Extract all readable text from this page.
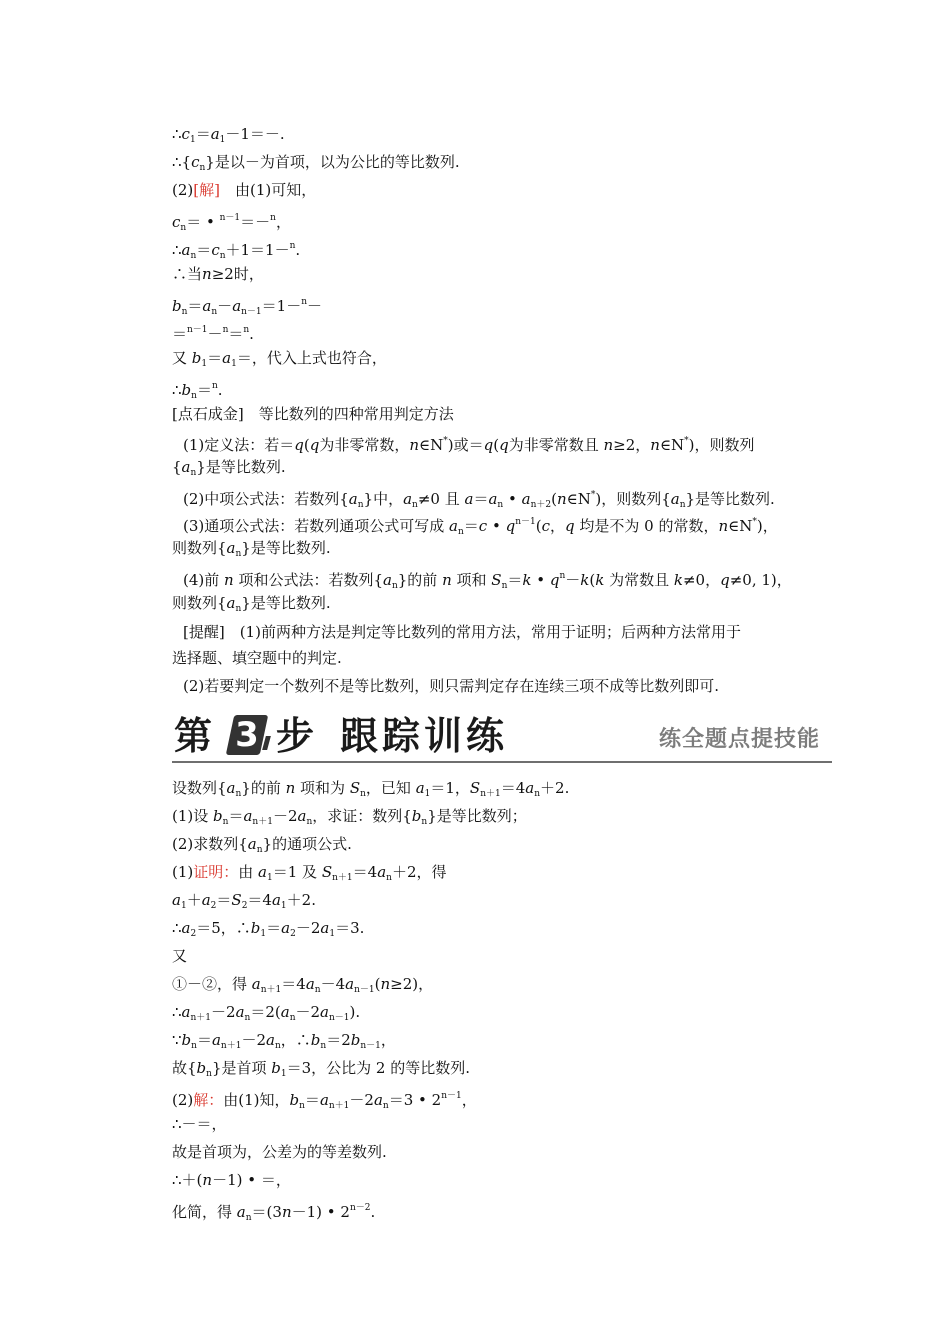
$\therefore c_1=a_1-1=-$.
$\therefore\{c_n\}$是以－为首项，以为公比的等比数列.
(2)[解]　由(1)可知，
$c_n=$ • $^{n-1}$＝－$^n$，
$\therefore a_n=c_n+1=1-^n$.
∴当n≥2时，
$b_n=a_n-a_{n-1}=1-^n-$
＝$^{n-1}$－$^n$＝$^n$.
又 $b_1=a_1=$，代入上式也符合，
$\therefore b_n=^n$.
[点石成金]　等比数列的四种常用判定方法
(1)定义法：若＝q(q为非零常数，n∈N*)或＝q(q为非零常数且 n≥2，n∈N*)，则数列
$\{a_n\}$是等比数列.
(2)中项公式法：若数列$\{a_n\}$中，$a_n\ne 0$ 且 $a=a_n$ • $a_{n+2}(n\in N^*)$，则数列$\{a_n\}$是等比数列.
(3)通项公式法：若数列通项公式可写成 $a_n=c$ • $q^{n-1}(c$，q 均是不为 0 的常数，n∈N*)，
则数列$\{a_n\}$是等比数列.
(4)前 n 项和公式法：若数列$\{a_n\}$的前 n 项和 $S_n=k$ • $q^n-k(k$ 为常数且 k≠0，q≠0, 1)，
则数列$\{a_n\}$是等比数列.
[提醒]　(1)前两种方法是判定等比数列的常用方法，常用于证明；后两种方法常用于
选择题、填空题中的判定.
(2)若要判定一个数列不是等比数列，则只需判定存在连续三项不成等比数列即可.
第 3 步 跟踪训练	练全题点提技能
设数列$\{a_n\}$的前 n 项和为 $S_n$，已知 $a_1=1$，$S_{n+1}=4a_n+2$.
(1)设 $b_n=a_{n+1}-2a_n$，求证：数列$\{b_n\}$是等比数列；
(2)求数列$\{a_n\}$的通项公式.
(1)证明：由 $a_1=1$ 及 $S_{n+1}=4a_n+2$，得
$a_1+a_2=S_2=4a_1+2$.
$\therefore a_2=5$，$\therefore b_1=a_2-2a_1=3$.
又
①－②，得 $a_{n+1}=4a_n-4a_{n-1}(n\ge 2)$，
$\therefore a_{n+1}-2a_n=2(a_n-2a_{n-1})$.
$\because b_n=a_{n+1}-2a_n$，$\therefore b_n=2b_{n-1}$，
故$\{b_n\}$是首项 $b_1=3$，公比为 2 的等比数列.
(2)解：由(1)知，$b_n=a_{n+1}-2a_n=3$ • $2^{n-1}$，
∴－＝，
故是首项为，公差为的等差数列.
∴＋(n－1) • ＝，
化简，得 $a_n=(3n-1)$ • $2^{n-2}$.
